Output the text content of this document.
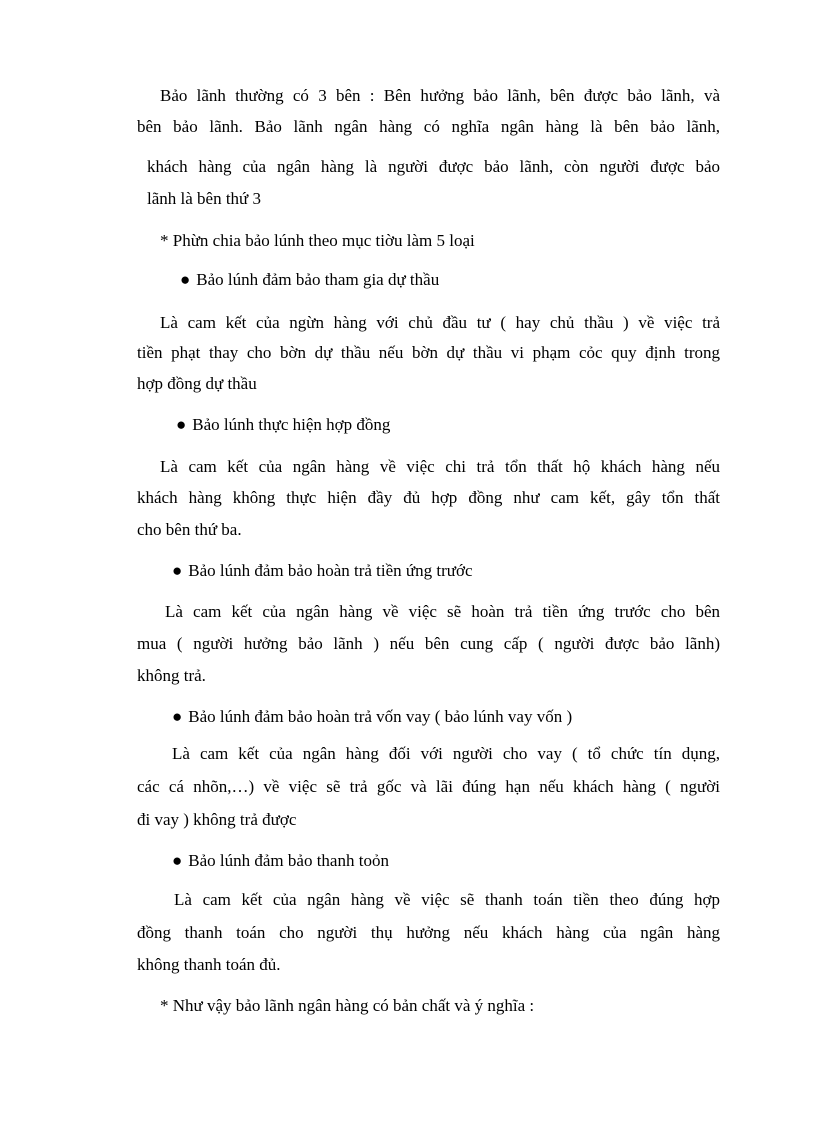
Bảo lãnh thường có 3 bên : Bên hưởng bảo lãnh, bên được bảo lãnh, và
bên bảo lãnh. Bảo lãnh ngân hàng có nghĩa ngân hàng là bên bảo lãnh,
khách hàng của ngân hàng là người được bảo lãnh, còn người được bảo
lãnh là bên thứ 3
* Phừn chia bảo lúnh theo mục tiờu làm 5 loại
● Bảo lúnh đảm bảo tham gia dự thầu
Là cam kết của ngừn hàng với chủ đầu tư ( hay chủ thầu ) về việc trả
tiền phạt thay cho bờn dự thầu nếu bờn dự thầu vi phạm cỏc quy định trong
hợp đồng dự thầu
● Bảo lúnh thực hiện hợp đồng
Là cam kết của ngân hàng về việc chi trả tổn thất hộ khách hàng nếu
khách hàng không thực hiện đầy đủ hợp đồng như cam kết, gây tổn thất
cho bên thứ ba.
● Bảo lúnh đảm bảo hoàn trả tiền ứng trước
Là cam kết của ngân hàng về việc sẽ hoàn trả tiền ứng trước cho bên
mua ( người hưởng bảo lãnh ) nếu bên cung cấp ( người được bảo lãnh)
không trả.
● Bảo lúnh đảm bảo hoàn trả vốn vay ( bảo lúnh vay vốn )
Là cam kết của ngân hàng đối với người cho vay ( tổ chức tín dụng,
các cá nhõn,…) về việc sẽ trả gốc và lãi đúng hạn nếu khách hàng ( người
đi vay ) không trả được
● Bảo lúnh đảm bảo thanh toỏn
Là cam kết của ngân hàng về việc sẽ thanh toán tiền theo đúng hợp
đồng thanh toán cho người thụ hưởng nếu khách hàng của ngân hàng
không thanh toán đủ.
* Như vậy bảo lãnh ngân hàng có bản chất và ý nghĩa :
